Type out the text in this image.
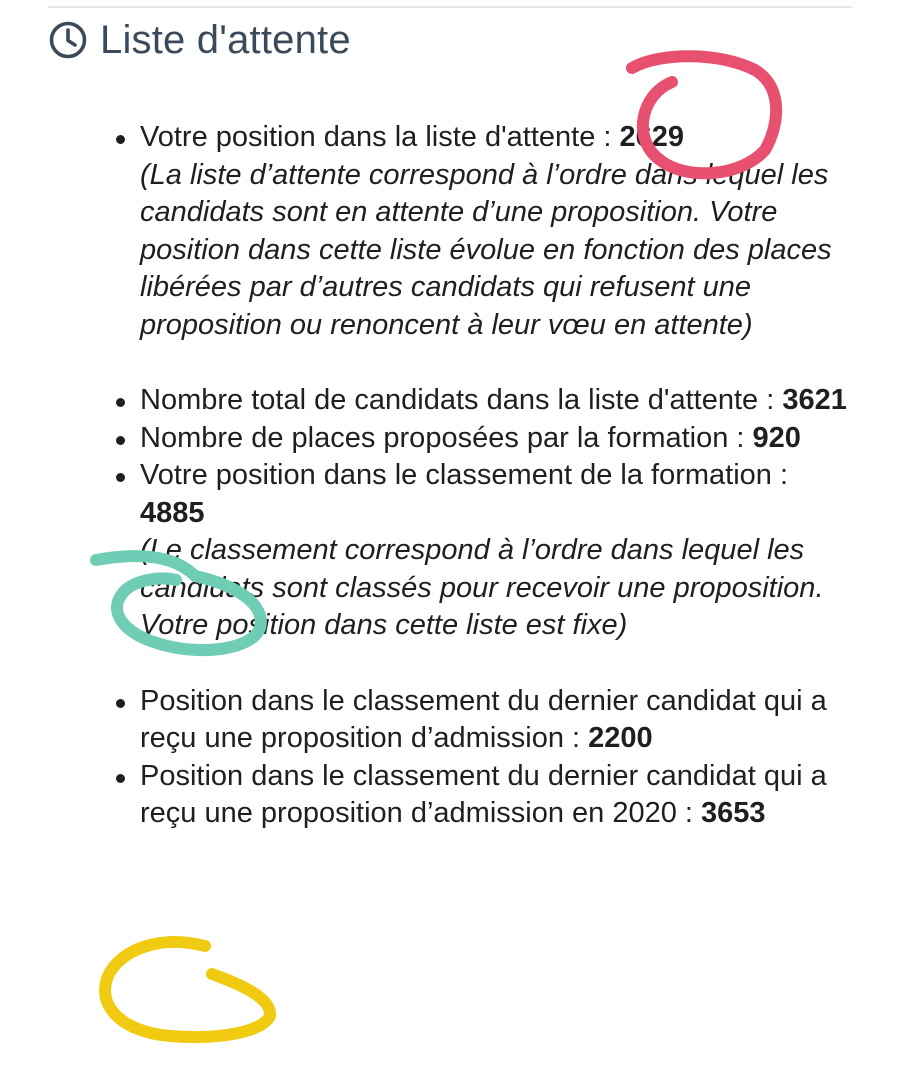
Liste d'attente
Votre position dans la liste d'attente : 2629
(La liste d’attente correspond à l’ordre dans lequel les candidats sont en attente d’une proposition. Votre position dans cette liste évolue en fonction des places libérées par d’autres candidats qui refusent une proposition ou renoncent à leur vœu en attente)
Nombre total de candidats dans la liste d'attente : 3621
Nombre de places proposées par la formation : 920
Votre position dans le classement de la formation : 4885
(Le classement correspond à l’ordre dans lequel les candidats sont classés pour recevoir une proposition. Votre position dans cette liste est fixe)
Position dans le classement du dernier candidat qui a reçu une proposition d’admission : 2200
Position dans le classement du dernier candidat qui a reçu une proposition d’admission en 2020 : 3653
